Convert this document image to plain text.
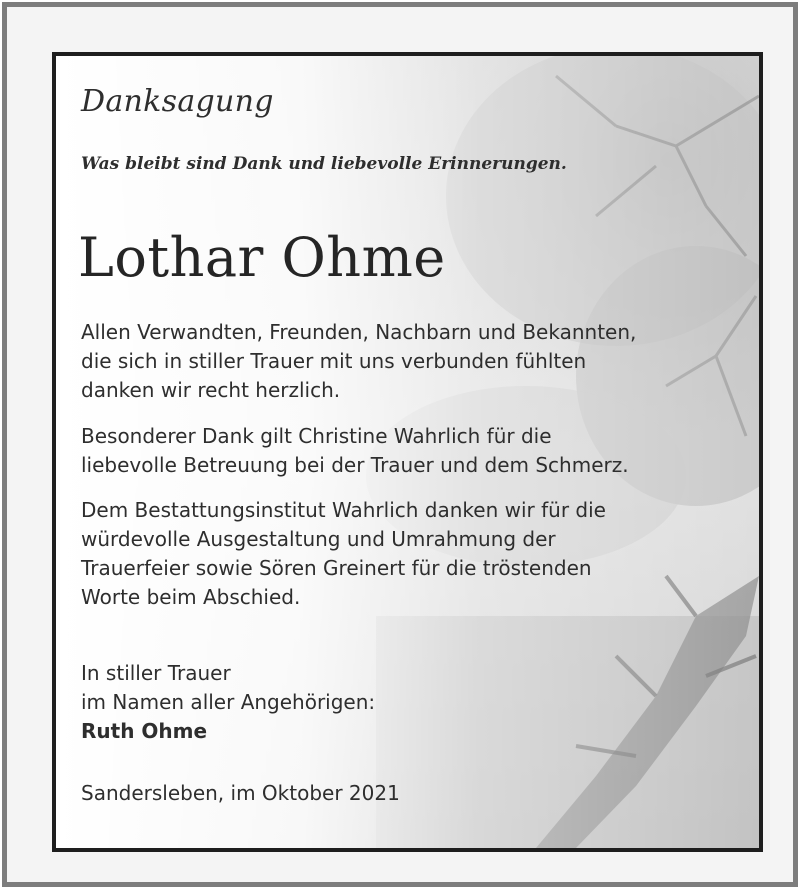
Danksagung
Was bleibt sind Dank und liebevolle Erinnerungen.
Lothar Ohme
Allen Verwandten, Freunden, Nachbarn und Bekannten,
die sich in stiller Trauer mit uns verbunden fühlten
danken wir recht herzlich.
Besonderer Dank gilt Christine Wahrlich für die
liebevolle Betreuung bei der Trauer und dem Schmerz.
Dem Bestattungsinstitut Wahrlich danken wir für die
würdevolle Ausgestaltung und Umrahmung der
Trauerfeier sowie Sören Greinert für die tröstenden
Worte beim Abschied.
In stiller Trauer
im Namen aller Angehörigen:
Ruth Ohme
Sandersleben, im Oktober 2021
